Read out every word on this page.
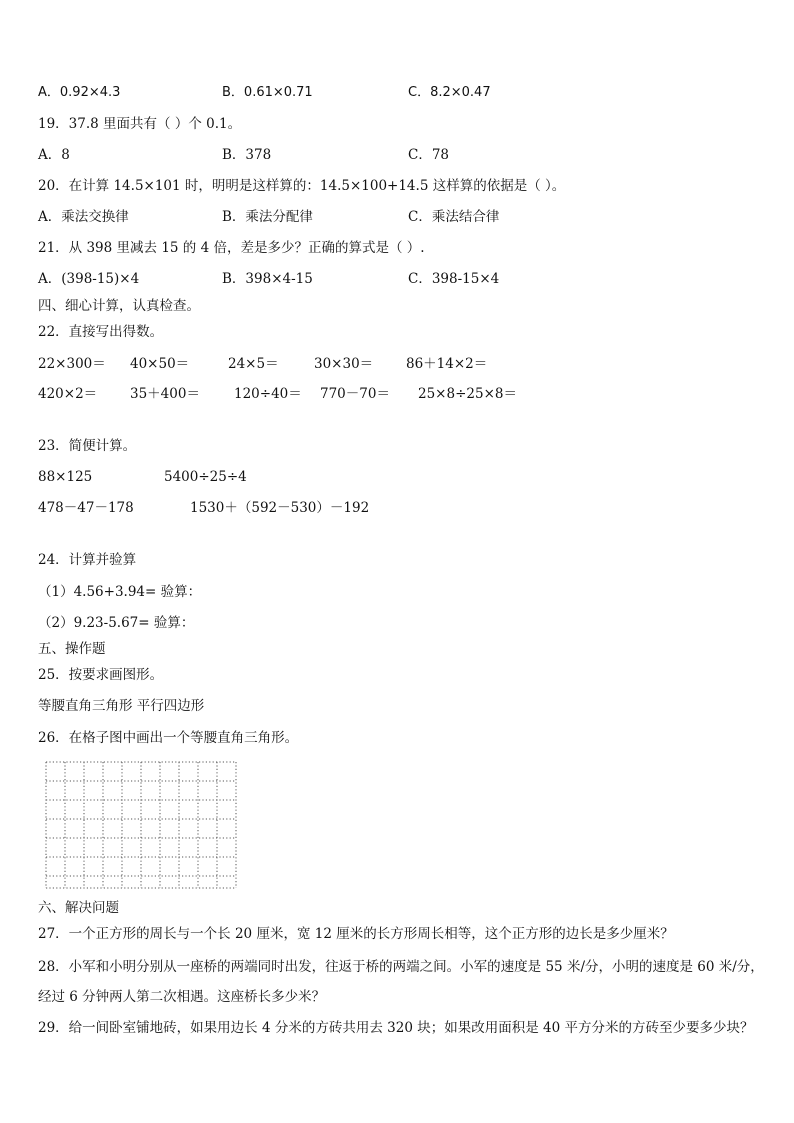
A．0.92×4.3	B．0.61×0.71	C．8.2×0.47
19．37.8 里面共有（ ）个 0.1。
A．8	B．378	C．78
20．在计算 14.5×101 时，明明是这样算的：14.5×100+14.5 这样算的依据是（ ）。
A．乘法交换律	B．乘法分配律	C．乘法结合律
21．从 398 里减去 15 的 4 倍，差是多少？正确的算式是（ ）.
A．(398-15)×4	B．398×4-15	C．398-15×4
四、细心计算，认真检查。
22．直接写出得数。
22×300＝ 40×50＝	24×5＝	30×30＝ 86＋14×2＝
420×2＝ 35＋400＝	120÷40＝ 770－70＝ 25×8÷25×8＝
23．简便计算。
88×125	5400÷25÷4
478－47－178	1530＋（592－530）－192
24．计算并验算
（1）4.56+3.94= 验算：
（2）9.23-5.67= 验算：
五、操作题
25．按要求画图形。
等腰直角三角形 平行四边形
26．在格子图中画出一个等腰直角三角形。
六、解决问题
27．一个正方形的周长与一个长 20 厘米，宽 12 厘米的长方形周长相等，这个正方形的边长是多少厘米？
28．小军和小明分别从一座桥的两端同时出发，往返于桥的两端之间。小军的速度是 55 米/分，小明的速度是 60 米/分，
经过 6 分钟两人第二次相遇。这座桥长多少米？
29．给一间卧室铺地砖，如果用边长 4 分米的方砖共用去 320 块；如果改用面积是 40 平方分米的方砖至少要多少块？
